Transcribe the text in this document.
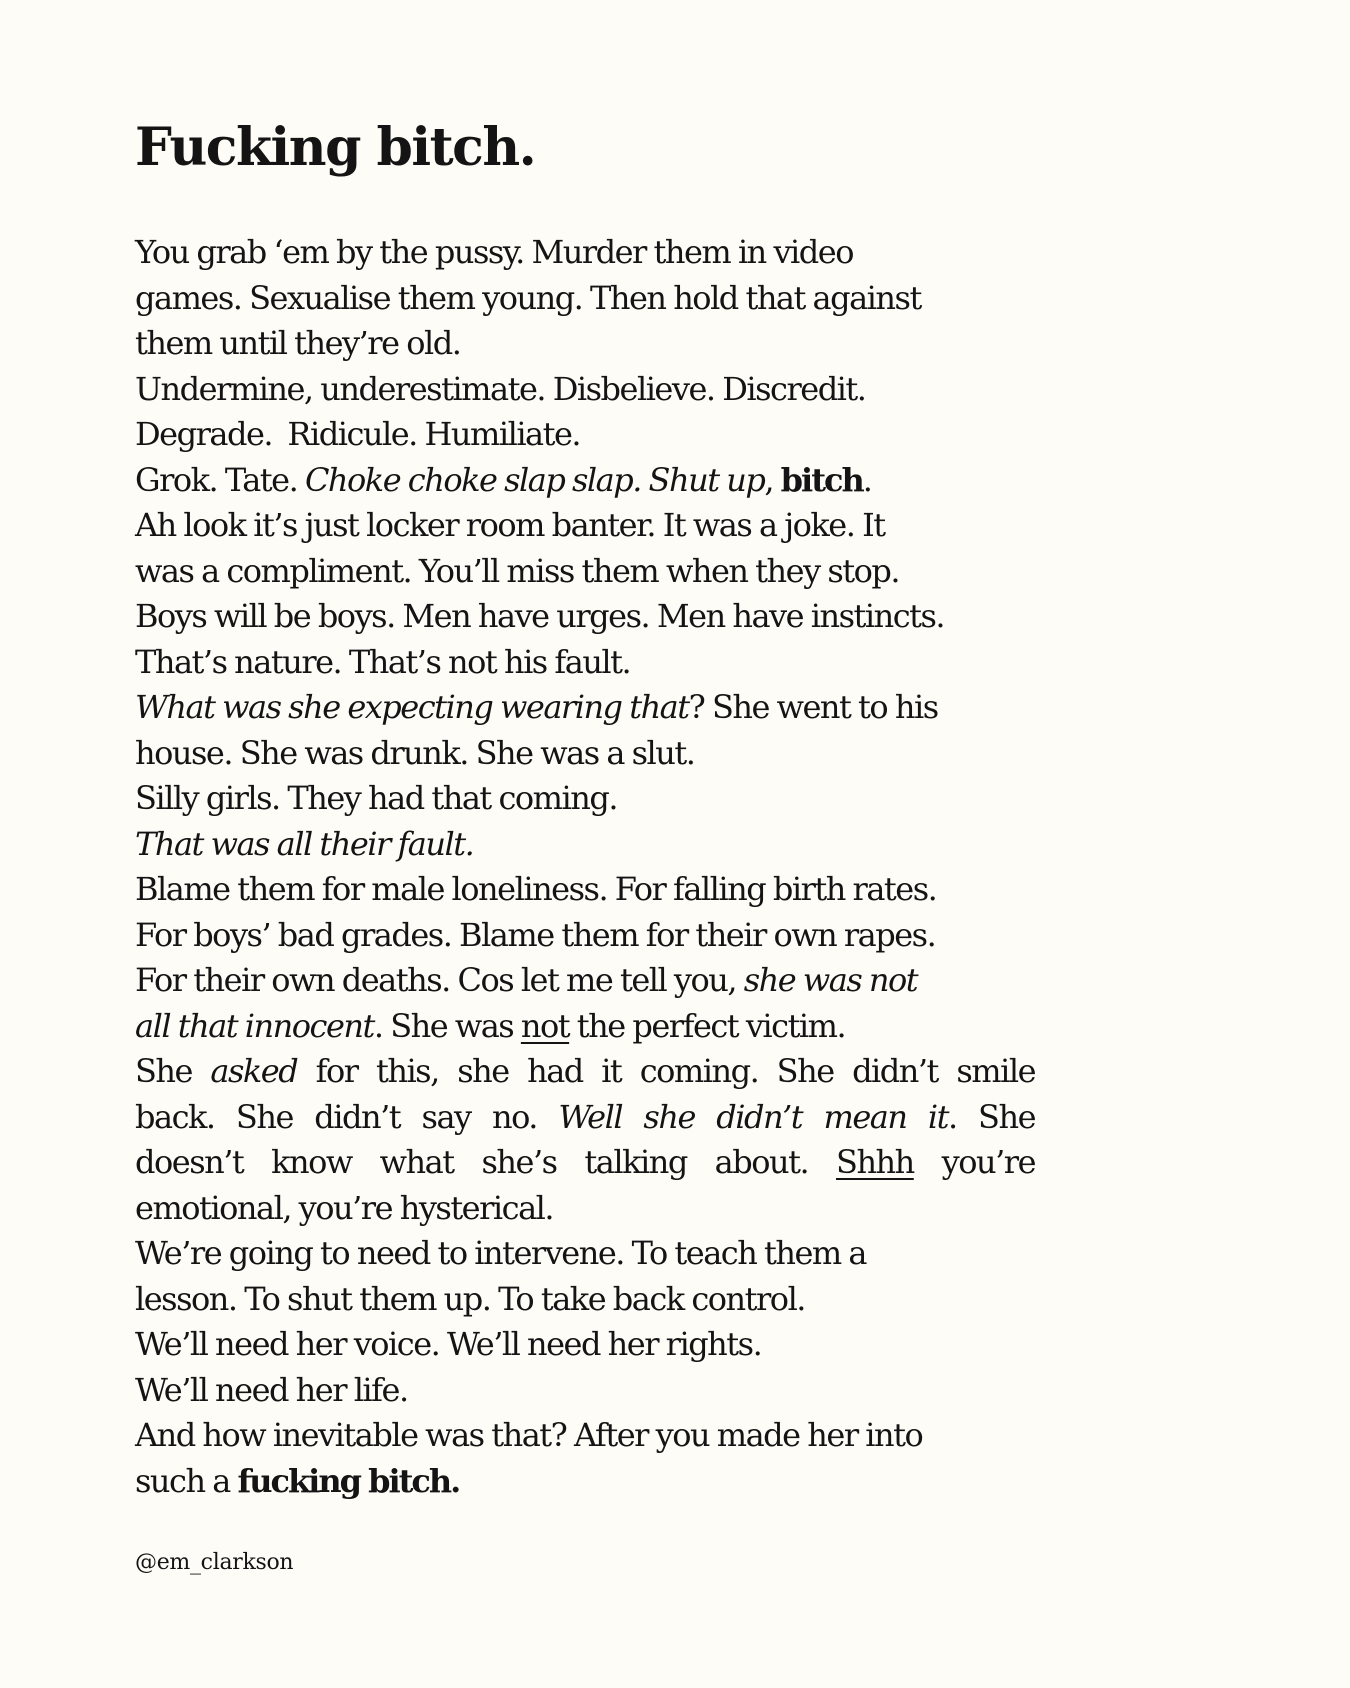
Fucking bitch.
You grab ‘em by the pussy. Murder them in video
games. Sexualise them young. Then hold that against
them until they’re old.
Undermine, underestimate. Disbelieve. Discredit.
Degrade.  Ridicule. Humiliate.
Grok. Tate. Choke choke slap slap. Shut up, bitch.
Ah look it’s just locker room banter. It was a joke. It
was a compliment. You’ll miss them when they stop.
Boys will be boys. Men have urges. Men have instincts.
That’s nature. That’s not his fault.
What was she expecting wearing that? She went to his
house. She was drunk. She was a slut.
Silly girls. They had that coming.
That was all their fault.
Blame them for male loneliness. For falling birth rates.
For boys’ bad grades. Blame them for their own rapes.
For their own deaths. Cos let me tell you, she was not
all that innocent. She was not the perfect victim.
She asked for this, she had it coming. She didn’t smile
back. She didn’t say no. Well she didn’t mean it. She
doesn’t know what she’s talking about. Shhh you’re
emotional, you’re hysterical.
We’re going to need to intervene. To teach them a
lesson. To shut them up. To take back control.
We’ll need her voice. We’ll need her rights.
We’ll need her life.
And how inevitable was that? After you made her into
such a fucking bitch.

@em_clarkson
